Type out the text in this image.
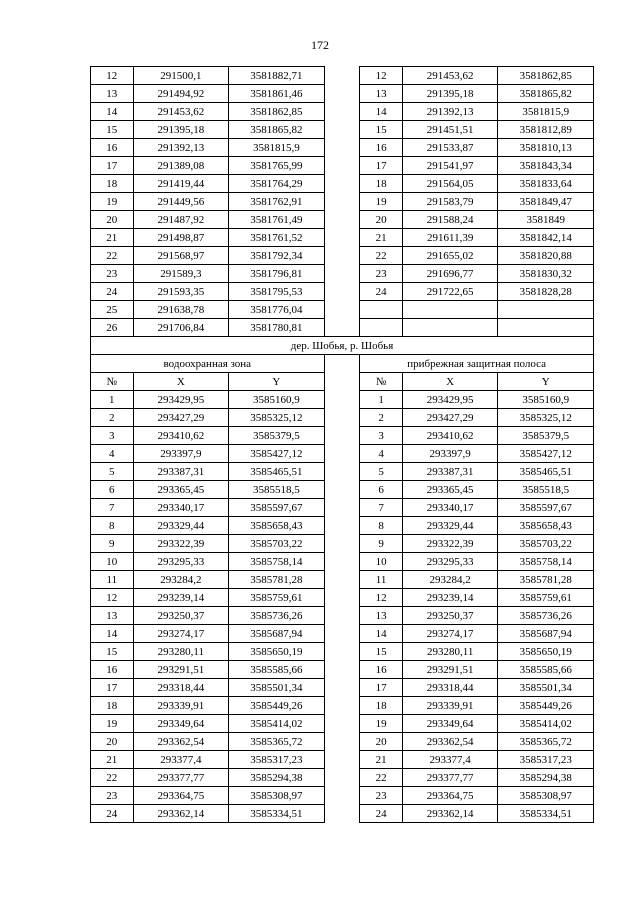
172
12	291500,1	3581882,71		12	291453,62	3581862,85
13	291494,92	3581861,46		13	291395,18	3581865,82
14	291453,62	3581862,85		14	291392,13	3581815,9
15	291395,18	3581865,82		15	291451,51	3581812,89
16	291392,13	3581815,9		16	291533,87	3581810,13
17	291389,08	3581765,99		17	291541,97	3581843,34
18	291419,44	3581764,29		18	291564,05	3581833,64
19	291449,56	3581762,91		19	291583,79	3581849,47
20	291487,92	3581761,49		20	291588,24	3581849
21	291498,87	3581761,52		21	291611,39	3581842,14
22	291568,97	3581792,34		22	291655,02	3581820,88
23	291589,3	3581796,81		23	291696,77	3581830,32
24	291593,35	3581795,53		24	291722,65	3581828,28
25	291638,78	3581776,04				
26	291706,84	3581780,81				
дер. Шобья, р. Шобья						
водоохранная зона				прибрежная защитная полоса		
№	X	Y		№	X	Y
1	293429,95	3585160,9		1	293429,95	3585160,9
2	293427,29	3585325,12		2	293427,29	3585325,12
3	293410,62	3585379,5		3	293410,62	3585379,5
4	293397,9	3585427,12		4	293397,9	3585427,12
5	293387,31	3585465,51		5	293387,31	3585465,51
6	293365,45	3585518,5		6	293365,45	3585518,5
7	293340,17	3585597,67		7	293340,17	3585597,67
8	293329,44	3585658,43		8	293329,44	3585658,43
9	293322,39	3585703,22		9	293322,39	3585703,22
10	293295,33	3585758,14		10	293295,33	3585758,14
11	293284,2	3585781,28		11	293284,2	3585781,28
12	293239,14	3585759,61		12	293239,14	3585759,61
13	293250,37	3585736,26		13	293250,37	3585736,26
14	293274,17	3585687,94		14	293274,17	3585687,94
15	293280,11	3585650,19		15	293280,11	3585650,19
16	293291,51	3585585,66		16	293291,51	3585585,66
17	293318,44	3585501,34		17	293318,44	3585501,34
18	293339,91	3585449,26		18	293339,91	3585449,26
19	293349,64	3585414,02		19	293349,64	3585414,02
20	293362,54	3585365,72		20	293362,54	3585365,72
21	293377,4	3585317,23		21	293377,4	3585317,23
22	293377,77	3585294,38		22	293377,77	3585294,38
23	293364,75	3585308,97		23	293364,75	3585308,97
24	293362,14	3585334,51		24	293362,14	3585334,51
